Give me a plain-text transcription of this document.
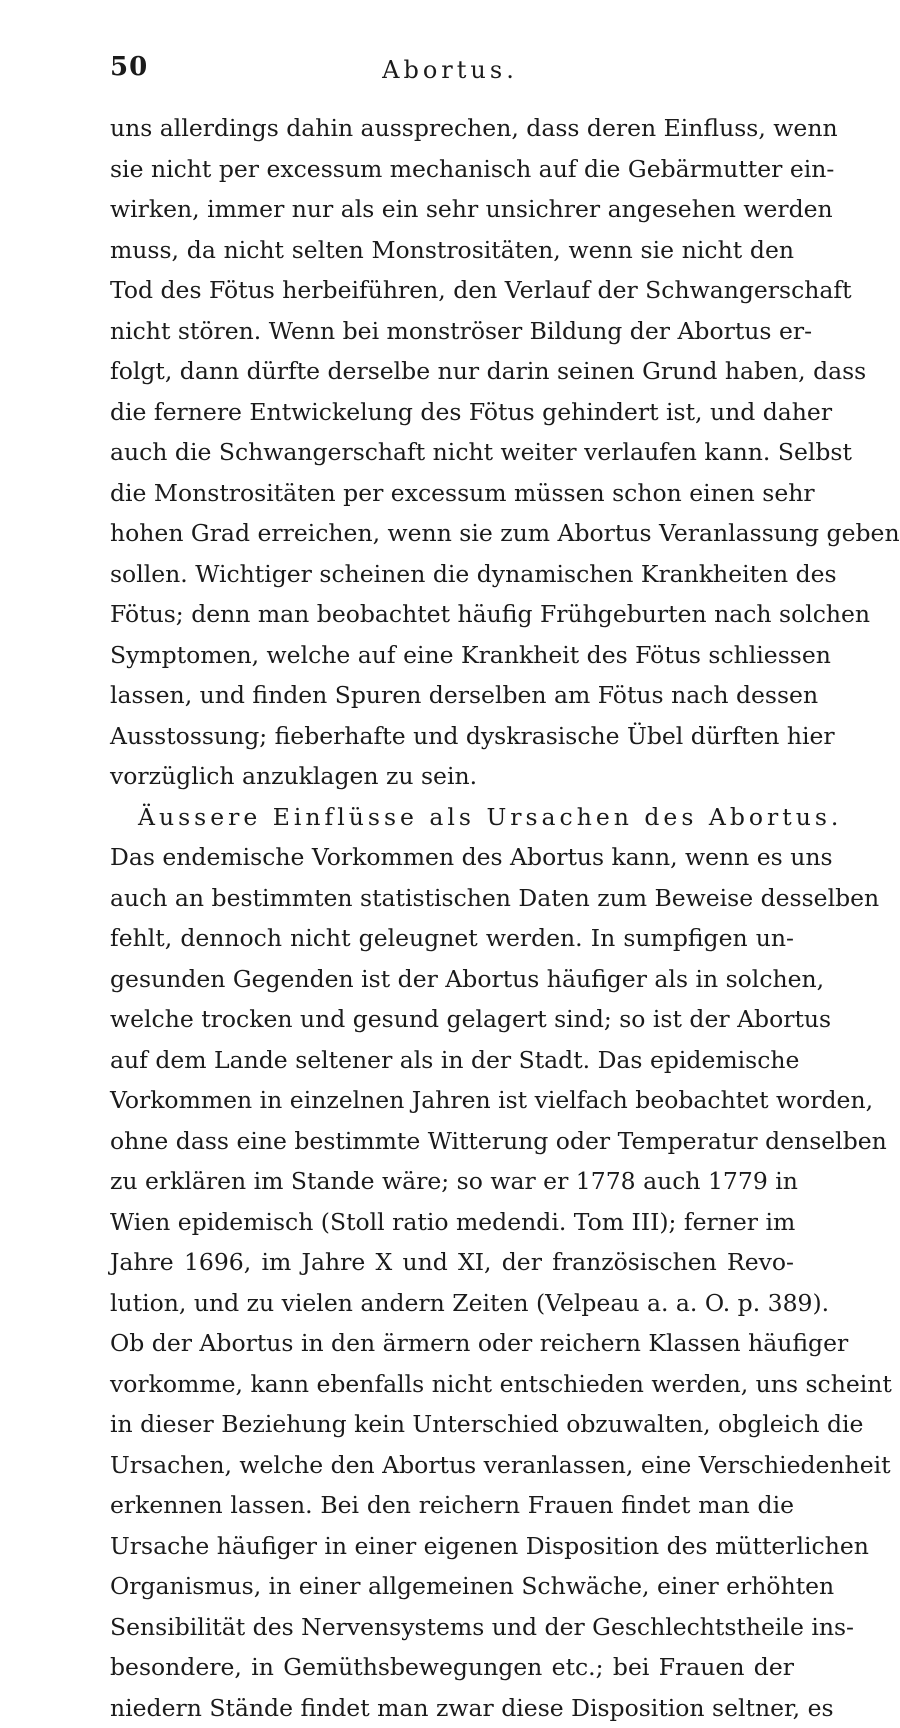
50	Abortus.
uns allerdings dahin aussprechen, dass deren Einfluss, wenn
sie nicht per excessum mechanisch auf die Gebärmutter ein-
wirken, immer nur als ein sehr unsichrer angesehen werden
muss, da nicht selten Monstrositäten, wenn sie nicht den
Tod des Fötus herbeiführen, den Verlauf der Schwangerschaft
nicht stören. Wenn bei monströser Bildung der Abortus er-
folgt, dann dürfte derselbe nur darin seinen Grund haben, dass
die fernere Entwickelung des Fötus gehindert ist, und daher
auch die Schwangerschaft nicht weiter verlaufen kann. Selbst
die Monstrositäten per excessum müssen schon einen sehr
hohen Grad erreichen, wenn sie zum Abortus Veranlassung geben
sollen. Wichtiger scheinen die dynamischen Krankheiten des
Fötus; denn man beobachtet häufig Frühgeburten nach solchen
Symptomen, welche auf eine Krankheit des Fötus schliessen
lassen, und finden Spuren derselben am Fötus nach dessen
Ausstossung; fieberhafte und dyskrasische Übel dürften hier
vorzüglich anzuklagen zu sein.
Äussere Einflüsse als Ursachen des Abortus.
Das endemische Vorkommen des Abortus kann, wenn es uns
auch an bestimmten statistischen Daten zum Beweise desselben
fehlt, dennoch nicht geleugnet werden. In sumpfigen un-
gesunden Gegenden ist der Abortus häufiger als in solchen,
welche trocken und gesund gelagert sind; so ist der Abortus
auf dem Lande seltener als in der Stadt. Das epidemische
Vorkommen in einzelnen Jahren ist vielfach beobachtet worden,
ohne dass eine bestimmte Witterung oder Temperatur denselben
zu erklären im Stande wäre; so war er 1778 auch 1779 in
Wien epidemisch (Stoll ratio medendi. Tom III); ferner im
Jahre 1696, im Jahre X und XI, der französischen Revo-
lution, und zu vielen andern Zeiten (Velpeau a. a. O. p. 389).
Ob der Abortus in den ärmern oder reichern Klassen häufiger
vorkomme, kann ebenfalls nicht entschieden werden, uns scheint
in dieser Beziehung kein Unterschied obzuwalten, obgleich die
Ursachen, welche den Abortus veranlassen, eine Verschiedenheit
erkennen lassen. Bei den reichern Frauen findet man die
Ursache häufiger in einer eigenen Disposition des mütterlichen
Organismus, in einer allgemeinen Schwäche, einer erhöhten
Sensibilität des Nervensystems und der Geschlechtstheile ins-
besondere, in Gemüthsbewegungen etc.; bei Frauen der
niedern Stände findet man zwar diese Disposition seltner, es
